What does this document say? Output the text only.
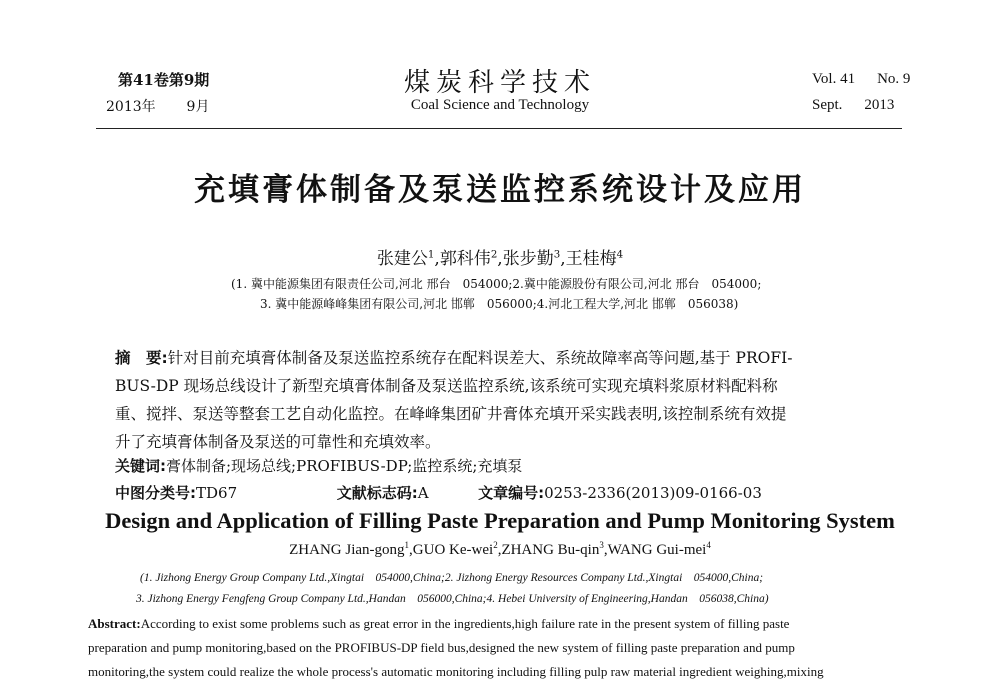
第41卷第9期
2013年 9月
煤炭科学技术
Coal Science and Technology
Vol. 41 No. 9
Sept. 2013
充填膏体制备及泵送监控系统设计及应用
张建公$^1$,郭科伟$^2$,张步勤$^3$,王桂梅$^4$
(1. 冀中能源集团有限责任公司,河北 邢台　054000;2.冀中能源股份有限公司,河北 邢台　054000;
3. 冀中能源峰峰集团有限公司,河北 邯郸　056000;4.河北工程大学,河北 邯郸　056038)

摘　要:针对目前充填膏体制备及泵送监控系统存在配料误差大、系统故障率高等问题,基于 PROFI-

BUS-DP 现场总线设计了新型充填膏体制备及泵送监控系统,该系统可实现充填料浆原材料配料称

重、搅拌、泵送等整套工艺自动化监控。在峰峰集团矿井膏体充填开采实践表明,该控制系统有效提

升了充填膏体制备及泵送的可靠性和充填效率。

关键词:膏体制备;现场总线;PROFIBUS-DP;监控系统;充填泵
中图分类号:TD67	文献标志码:A	文章编号:0253-2336(2013)09-0166-03
Design and Application of Filling Paste Preparation and Pump Monitoring System
ZHANG Jian-gong$^1$,GUO Ke-wei$^2$,ZHANG Bu-qin$^3$,WANG Gui-mei$^4$
(1. Jizhong Energy Group Company Ltd.,Xingtai　054000,China;2. Jizhong Energy Resources Company Ltd.,Xingtai　054000,China;
3. Jizhong Energy Fengfeng Group Company Ltd.,Handan　056000,China;4. Hebei University of Engineering,Handan　056038,China)

Abstract:According to exist some problems such as great error in the ingredients,high failure rate in the present system of filling paste

preparation and pump monitoring,based on the PROFIBUS-DP field bus,designed the new system of filling paste preparation and pump

monitoring,the system could realize the whole process's automatic monitoring including filling pulp raw material ingredient weighing,mixing
